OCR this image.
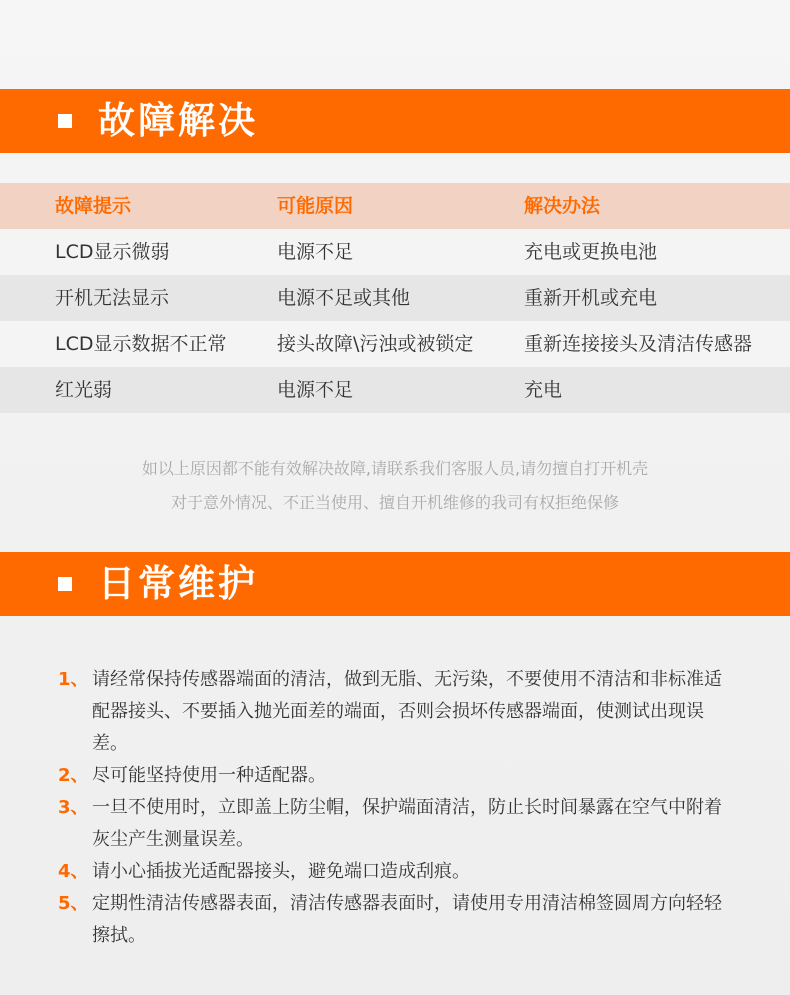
故障解决
故障提示	可能原因	解决办法
LCD显示微弱	电源不足	充电或更换电池
开机无法显示	电源不足或其他	重新开机或充电
LCD显示数据不正常	接头故障\污浊或被锁定	重新连接接头及清洁传感器
红光弱	电源不足	充电
如以上原因都不能有效解决故障,请联系我们客服人员,请勿擅自打开机壳
对于意外情况、不正当使用、擅自开机维修的我司有权拒绝保修
日常维护
1、 请经常保持传感器端面的清洁，做到无脂、无污染，不要使用不清洁和非标准适配器接头、不要插入抛光面差的端面，否则会损坏传感器端面，使测试出现误差。
2、 尽可能坚持使用一种适配器。
3、 一旦不使用时，立即盖上防尘帽，保护端面清洁，防止长时间暴露在空气中附着灰尘产生测量误差。
4、 请小心插拔光适配器接头，避免端口造成刮痕。
5、 定期性清洁传感器表面，清洁传感器表面时，请使用专用清洁棉签圆周方向轻轻擦拭。
